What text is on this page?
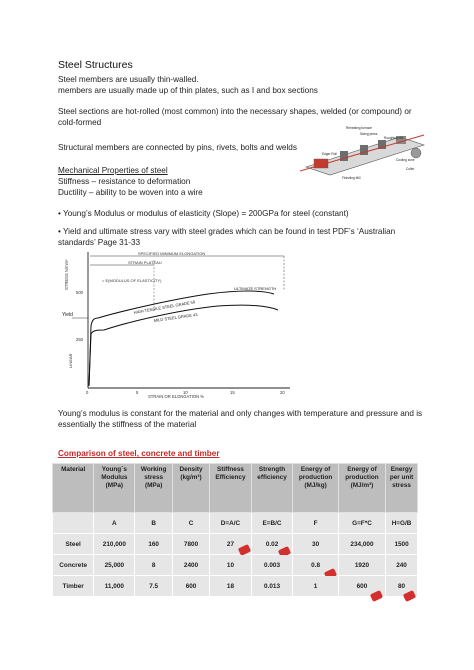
Steel Structures
Steel members are usually thin-walled.
members are usually made up of thin plates, such as I and box sections
Steel sections are hot-rolled (most common) into the necessary shapes, welded (or compound) or cold-formed
Structural members are connected by pins, rivets, bolts and welds
Mechanical Properties of steel
Stiffness – resistance to deformation
Ductility – ability to be woven into a wire
• Young’s Modulus or modulus of elasticity (Slope) = 200GPa for steel (constant)
• Yield and ultimate stress vary with steel grades which can be found in test PDF’s ‘Australian standards’ Page 31-33
Reheating furnace
Sizing press
Roughing Mill
Edger Roll
Cooling zone
Finishing Mill
Coiler
STRESS N/mm²
STRAIN OR ELONGATION %
500
250
0	5	10	15	20
SPECIFIED MINIMUM ELONGATION
STRAIN PLATEAU
= E(MODULUS OF ELASTICITY)
HIGH TENSILE STEEL GRADE 50
MILD STEEL GRADE 43
ULTIMATE STRENGTH
Yield
LINEAR
Young’s modulus is constant for the material and only changes with temperature and pressure and is essentially the stiffness of the material
Comparison of steel, concrete and timber
Material	Young`s Modulus (MPa)	Working stress (MPa)	Density (kg/m³)	Stiffness Efficiency	Strength efficiency	Energy of production (MJ/kg)	Energy of production (MJ/m³)	Energy per unit stress
	A	B	C	D=A/C	E=B/C	F	G=F*C	H=G/B
Steel	210,000	160	7800	27	0.02	30	234,000	1500
Concrete	25,000	8	2400	10	0.003	0.8	1920	240
Timber	11,000	7.5	600	18	0.013	1	600	80
